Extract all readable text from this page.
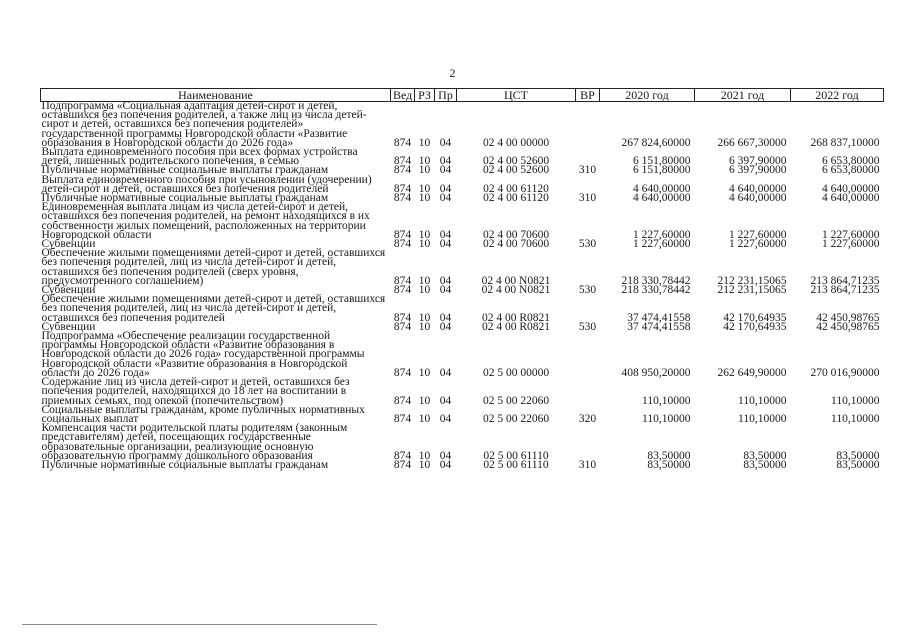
2
Наименование	Вед	РЗ	Пр	ЦСТ	ВР	2020 год	2021 год	2022 год
Подпрограмма «Социальная адаптация детей-сирот и детей, оставшихся без попечения родителей, а также лиц из числа детей-сирот и детей, оставшихся без попечения родителей» государственной программы Новгородской области «Развитие образования в Новгородской области до 2026 года»	874	10	04	02 4 00 00000		267 824,60000	266 667,30000	268 837,10000
Выплата единовременного пособия при всех формах устройства детей, лишенных родительского попечения, в семью	874	10	04	02 4 00 52600		6 151,80000	6 397,90000	6 653,80000
Публичные нормативные социальные выплаты гражданам	874	10	04	02 4 00 52600	310	6 151,80000	6 397,90000	6 653,80000
Выплата единовременного пособия при усыновлении (удочерении) детей-сирот и детей, оставшихся без попечения родителей	874	10	04	02 4 00 61120		4 640,00000	4 640,00000	4 640,00000
Публичные нормативные социальные выплаты гражданам	874	10	04	02 4 00 61120	310	4 640,00000	4 640,00000	4 640,00000
Единовременная выплата лицам из числа детей-сирот и детей, оставшихся без попечения родителей, на ремонт находящихся в их собственности жилых помещений, расположенных на территории Новгородской области	874	10	04	02 4 00 70600		1 227,60000	1 227,60000	1 227,60000
Субвенции	874	10	04	02 4 00 70600	530	1 227,60000	1 227,60000	1 227,60000
Обеспечение жилыми помещениями детей-сирот и детей, оставшихся без попечения родителей, лиц из числа детей-сирот и детей, оставшихся без попечения родителей (сверх уровня, предусмотренного соглашением)	874	10	04	02 4 00 N0821		218 330,78442	212 231,15065	213 864,71235
Субвенции	874	10	04	02 4 00 N0821	530	218 330,78442	212 231,15065	213 864,71235
Обеспечение жилыми помещениями детей-сирот и детей, оставшихся без попечения родителей, лиц из числа детей-сирот и детей, оставшихся без попечения родителей	874	10	04	02 4 00 R0821		37 474,41558	42 170,64935	42 450,98765
Субвенции	874	10	04	02 4 00 R0821	530	37 474,41558	42 170,64935	42 450,98765
Подпрограмма «Обеспечение реализации государственной программы Новгородской области «Развитие образования в Новгородской области до 2026 года» государственной программы Новгородской области «Развитие образования в Новгородской области до 2026 года»	874	10	04	02 5 00 00000		408 950,20000	262 649,90000	270 016,90000
Содержание лиц из числа детей-сирот и детей, оставшихся без попечения родителей, находящихся до 18 лет на воспитании в приемных семьях, под опекой (попечительством)	874	10	04	02 5 00 22060		110,10000	110,10000	110,10000
Социальные выплаты гражданам, кроме публичных нормативных социальных выплат	874	10	04	02 5 00 22060	320	110,10000	110,10000	110,10000
Компенсация части родительской платы родителям (законным представителям) детей, посещающих государственные образовательные организации, реализующие основную образовательную программу дошкольного образования	874	10	04	02 5 00 61110		83,50000	83,50000	83,50000
Публичные нормативные социальные выплаты гражданам	874	10	04	02 5 00 61110	310	83,50000	83,50000	83,50000
